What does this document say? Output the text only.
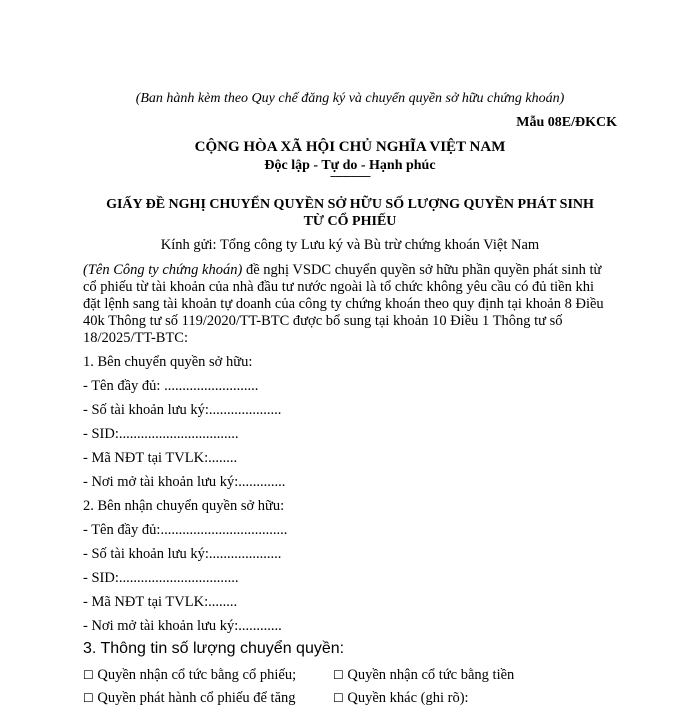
(Ban hành kèm theo Quy chế đăng ký và chuyển quyền sở hữu chứng khoán)
Mẫu 08E/ĐKCK
CỘNG HÒA XÃ HỘI CHỦ NGHĨA VIỆT NAM
Độc lập - Tự do - Hạnh phúc
---------------
GIẤY ĐỀ NGHỊ CHUYỂN QUYỀN SỞ HỮU SỐ LƯỢNG QUYỀN PHÁT SINH
TỪ CỔ PHIẾU
Kính gửi: Tổng công ty Lưu ký và Bù trừ chứng khoán Việt Nam
(Tên Công ty chứng khoán) đề nghị VSDC chuyển quyền sở hữu phần quyền phát sinh từ
cổ phiếu từ tài khoản của nhà đầu tư nước ngoài là tổ chức không yêu cầu có đủ tiền khi
đặt lệnh sang tài khoản tự doanh của công ty chứng khoán theo quy định tại khoản 8 Điều
40k Thông tư số 119/2020/TT-BTC được bổ sung tại khoản 10 Điều 1 Thông tư số
18/2025/TT-BTC:
1. Bên chuyển quyền sở hữu:
- Tên đầy đủ: ..........................
- Số tài khoản lưu ký:....................
- SID:.................................
- Mã NĐT tại TVLK:........
- Nơi mở tài khoản lưu ký:.............
2. Bên nhận chuyển quyền sở hữu:
- Tên đầy đủ:...................................
- Số tài khoản lưu ký:....................
- SID:.................................
- Mã NĐT tại TVLK:........
- Nơi mở tài khoản lưu ký:............
3. Thông tin số lượng chuyển quyền:
☐ Quyền nhận cổ tức bằng cổ phiếu;	☐ Quyền nhận cổ tức bằng tiền
☐ Quyền phát hành cổ phiếu để tăng	☐ Quyền khác (ghi rõ):
